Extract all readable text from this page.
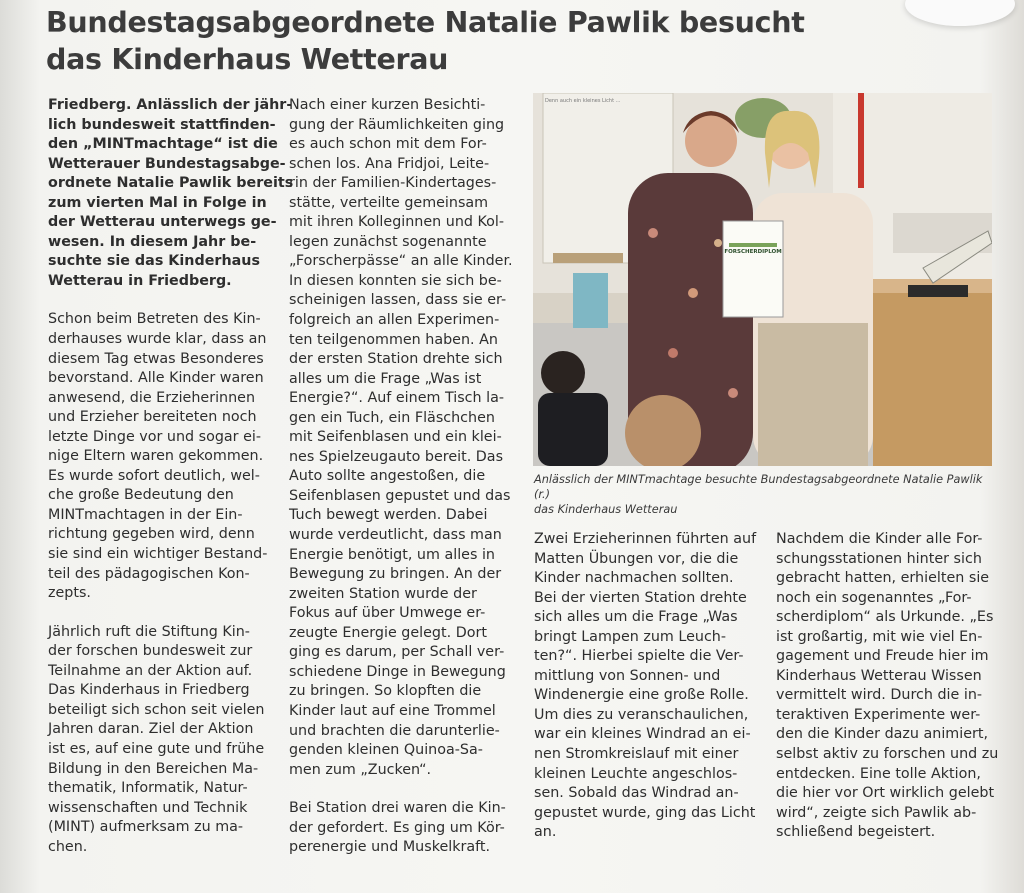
Bundestagsabgeordnete Natalie Pawlik besucht
das Kinderhaus Wetterau

Friedberg. Anlässlich der jähr-
lich bundesweit stattfinden-
den „MINTmachtage“ ist die
Wetterauer Bundestagsabge-
ordnete Natalie Pawlik bereits
zum vierten Mal in Folge in
der Wetterau unterwegs ge-
wesen. In diesem Jahr be-
suchte sie das Kinderhaus
Wetterau in Friedberg.

Schon beim Betreten des Kin-
derhauses wurde klar, dass an
diesem Tag etwas Besonderes
bevorstand. Alle Kinder waren
anwesend, die Erzieherinnen
und Erzieher bereiteten noch
letzte Dinge vor und sogar ei-
nige Eltern waren gekommen.
Es wurde sofort deutlich, wel-
che große Bedeutung den
MINTmachtagen in der Ein-
richtung gegeben wird, denn
sie sind ein wichtiger Bestand-
teil des pädagogischen Kon-
zepts.

Jährlich ruft die Stiftung Kin-
der forschen bundesweit zur
Teilnahme an der Aktion auf.
Das Kinderhaus in Friedberg
beteiligt sich schon seit vielen
Jahren daran. Ziel der Aktion
ist es, auf eine gute und frühe
Bildung in den Bereichen Ma-
thematik, Informatik, Natur-
wissenschaften und Technik
(MINT) aufmerksam zu ma-
chen.

Nach einer kurzen Besichti-
gung der Räumlichkeiten ging
es auch schon mit dem For-
schen los. Ana Fridjoi, Leite-
rin der Familien-Kindertages-
stätte, verteilte gemeinsam
mit ihren Kolleginnen und Kol-
legen zunächst sogenannte
„Forscherpässe“ an alle Kinder.
In diesen konnten sie sich be-
scheinigen lassen, dass sie er-
folgreich an allen Experimen-
ten teilgenommen haben. An
der ersten Station drehte sich
alles um die Frage „Was ist
Energie?“. Auf einem Tisch la-
gen ein Tuch, ein Fläschchen
mit Seifenblasen und ein klei-
nes Spielzeugauto bereit. Das
Auto sollte angestoßen, die
Seifenblasen gepustet und das
Tuch bewegt werden. Dabei
wurde verdeutlicht, dass man
Energie benötigt, um alles in
Bewegung zu bringen. An der
zweiten Station wurde der
Fokus auf über Umwege er-
zeugte Energie gelegt. Dort
ging es darum, per Schall ver-
schiedene Dinge in Bewegung
zu bringen. So klopften die
Kinder laut auf eine Trommel
und brachten die darunterlie-
genden kleinen Quinoa-Sa-
men zum „Zucken“.

Bei Station drei waren die Kin-
der gefordert. Es ging um Kör-
perenergie und Muskelkraft.

Denn auch ein kleines Licht ...
FORSCHERDIPLOM
Anlässlich der MINTmachtage besuchte Bundestagsabgeordnete Natalie Pawlik (r.)
das Kinderhaus Wetterau

Zwei Erzieherinnen führten auf
Matten Übungen vor, die die
Kinder nachmachen sollten.
Bei der vierten Station drehte
sich alles um die Frage „Was
bringt Lampen zum Leuch-
ten?“. Hierbei spielte die Ver-
mittlung von Sonnen- und
Windenergie eine große Rolle.
Um dies zu veranschaulichen,
war ein kleines Windrad an ei-
nen Stromkreislauf mit einer
kleinen Leuchte angeschlos-
sen. Sobald das Windrad an-
gepustet wurde, ging das Licht
an.

Nachdem die Kinder alle For-
schungsstationen hinter sich
gebracht hatten, erhielten sie
noch ein sogenanntes „For-
scherdiplom“ als Urkunde. „Es
ist großartig, mit wie viel En-
gagement und Freude hier im
Kinderhaus Wetterau Wissen
vermittelt wird. Durch die in-
teraktiven Experimente wer-
den die Kinder dazu animiert,
selbst aktiv zu forschen und zu
entdecken. Eine tolle Aktion,
die hier vor Ort wirklich gelebt
wird“, zeigte sich Pawlik ab-
schließend begeistert.
